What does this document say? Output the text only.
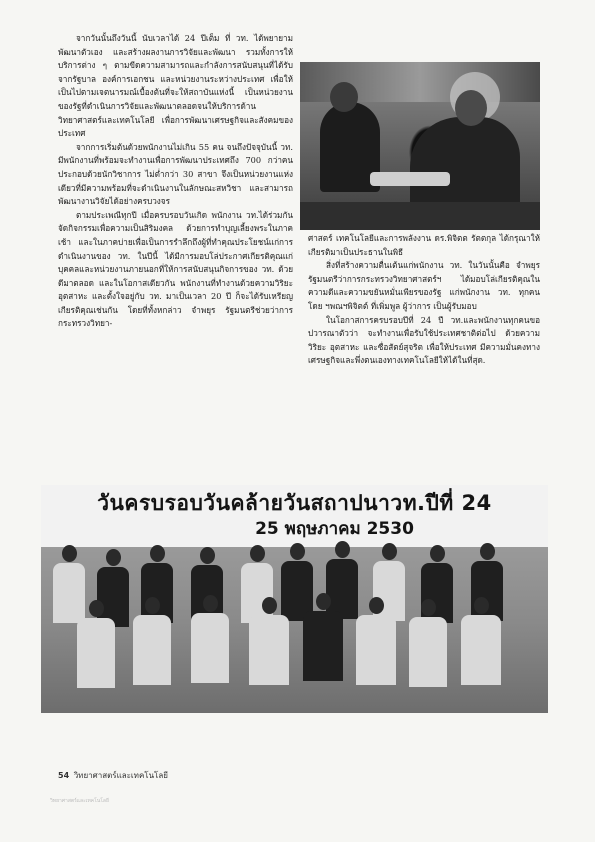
จากวันนั้นถึงวันนี้ นับเวลาได้ 24 ปีเต็ม ที่ วท. ได้พยายามพัฒนาตัวเอง และสร้างผลงานการวิจัยและพัฒนา รวมทั้งการให้บริการต่าง ๆ ตามขีดความสามารถและกำลังการสนับสนุนที่ได้รับจากรัฐบาล องค์การเอกชน และหน่วยงานระหว่างประเทศ เพื่อให้เป็นไปตามเจตนารมณ์เบื้องต้นที่จะให้สถาบันแห่งนี้ เป็นหน่วยงานของรัฐที่ดำเนินการวิจัยและพัฒนาตลอดจนให้บริการด้านวิทยาศาสตร์และเทคโนโลยี เพื่อการพัฒนาเศรษฐกิจและสังคมของประเทศ

จากการเริ่มต้นด้วยพนักงานไม่เกิน 55 คน จนถึงปัจจุบันนี้ วท. มีพนักงานที่พร้อมจะทำงานเพื่อการพัฒนาประเทศถึง 700 กว่าคน ประกอบด้วยนักวิชาการ ไม่ต่ำกว่า 30 สาขา จึงเป็นหน่วยงานแห่งเดียวที่มีความพร้อมที่จะดำเนินงานในลักษณะสหวิชา และสามารถพัฒนางานวิจัยได้อย่างครบวงจร

ตามประเพณีทุกปี เมื่อครบรอบวันเกิด พนักงาน วท.ได้ร่วมกันจัดกิจกรรมเพื่อความเป็นสิริมงคล ด้วยการทำบุญเลี้ยงพระในภาคเช้า และในภาคบ่ายเพื่อเป็นการรำลึกถึงผู้ที่ทำคุณประโยชน์แก่การดำเนินงานของ วท. ในปีนี้ ได้มีการมอบโล่ประกาศเกียรติคุณแก่บุคคลและหน่วยงานภายนอกที่ให้การสนับสนุนกิจการของ วท. ด้วยดีมาตลอด และในโอกาสเดียวกัน พนักงานที่ทำงานด้วยความวิริยะอุตสาหะ และตั้งใจอยู่กับ วท. มาเป็นเวลา 20 ปี ก็จะได้รับเหรียญเกียรติคุณเช่นกัน โดยที่ทั้งหกล่าว จำพยุร รัฐมนตรีช่วยว่าการกระทรวงวิทยา-

ศาสตร์ เทคโนโลยีและการพลังงาน ดร.พิจิตต รัตตกุล ได้กรุณาให้เกียรติมาเป็นประธานในพิธี

สิ่งที่สร้างความตื่นเต้นแก่พนักงาน วท. ในวันนั้นคือ จำพยุร รัฐมนตรีว่าการกระทรวงวิทยาศาสตร์ฯ ได้มอบโล่เกียรติคุณในความดีและความขยันหมั่นเพียรของรัฐ แก่พนักงาน วท. ทุกคน โดย ฯพณฯพิจิตต์ ที่เพิ่มพูล ผู้ว่าการ เป็นผู้รับมอบ

ในโอกาสการครบรอบปีที่ 24 ปี วท.และพนักงานทุกคนขอปวารณาตัวว่า จะทำงานเพื่อรับใช้ประเทศชาติต่อไป ด้วยความวิริยะ อุตสาหะ และซื่อสัตย์สุจริต เพื่อให้ประเทศ มีความมั่นคงทางเศรษฐกิจและพึ่งตนเองทางเทคโนโลยีให้ได้ในที่สุด.

วันครบรอบวันคล้ายวันสถาปนาวท.ปีที่ 24
25 พฤษภาคม 2530
54 วิทยาศาสตร์และเทคโนโลยี
วิทยาศาสตร์และเทคโนโลยี
